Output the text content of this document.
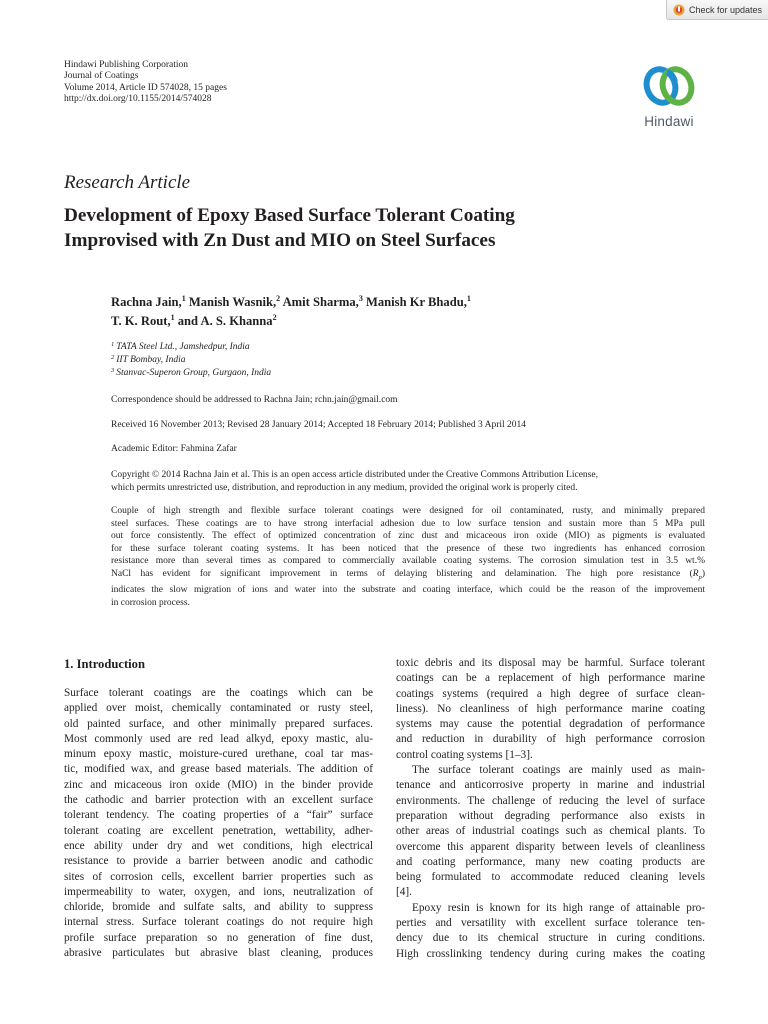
Check for updates
Hindawi Publishing Corporation
Journal of Coatings
Volume 2014, Article ID 574028, 15 pages
http://dx.doi.org/10.1155/2014/574028
Hindawi
Research Article
Development of Epoxy Based Surface Tolerant Coating
Improvised with Zn Dust and MIO on Steel Surfaces
Rachna Jain,$^1$ Manish Wasnik,$^2$ Amit Sharma,$^3$ Manish Kr Bhadu,$^1$
T. K. Rout,$^1$ and A. S. Khanna$^2$
$^1$ TATA Steel Ltd., Jamshedpur, India
$^2$ IIT Bombay, India
$^3$ Stanvac-Superon Group, Gurgaon, India
Correspondence should be addressed to Rachna Jain; rchn.jain@gmail.com
Received 16 November 2013; Revised 28 January 2014; Accepted 18 February 2014; Published 3 April 2014
Academic Editor: Fahmina Zafar
Copyright © 2014 Rachna Jain et al. This is an open access article distributed under the Creative Commons Attribution License,
which permits unrestricted use, distribution, and reproduction in any medium, provided the original work is properly cited.
Couple of high strength and flexible surface tolerant coatings were designed for oil contaminated, rusty, and minimally prepared
steel surfaces. These coatings are to have strong interfacial adhesion due to low surface tension and sustain more than 5 MPa pull
out force consistently. The effect of optimized concentration of zinc dust and micaceous iron oxide (MIO) as pigments is evaluated
for these surface tolerant coating systems. It has been noticed that the presence of these two ingredients has enhanced corrosion
resistance more than several times as compared to commercially available coating systems. The corrosion simulation test in 3.5 wt.%
NaCl has evident for significant improvement in terms of delaying blistering and delamination. The high pore resistance $(R_p)$
indicates the slow migration of ions and water into the substrate and coating interface, which could be the reason of the improvement
in corrosion process.
1. Introduction
Surface tolerant coatings are the coatings which can be
applied over moist, chemically contaminated or rusty steel,
old painted surface, and other minimally prepared surfaces.
Most commonly used are red lead alkyd, epoxy mastic, alu-
minum epoxy mastic, moisture-cured urethane, coal tar mas-
tic, modified wax, and grease based materials. The addition of
zinc and micaceous iron oxide (MIO) in the binder provide
the cathodic and barrier protection with an excellent surface
tolerant tendency. The coating properties of a “fair” surface
tolerant coating are excellent penetration, wettability, adher-
ence ability under dry and wet conditions, high electrical
resistance to provide a barrier between anodic and cathodic
sites of corrosion cells, excellent barrier properties such as
impermeability to water, oxygen, and ions, neutralization of
chloride, bromide and sulfate salts, and ability to suppress
internal stress. Surface tolerant coatings do not require high
profile surface preparation so no generation of fine dust,
abrasive particulates but abrasive blast cleaning, produces
toxic debris and its disposal may be harmful. Surface tolerant
coatings can be a replacement of high performance marine
coatings systems (required a high degree of surface clean-
liness). No cleanliness of high performance marine coating
systems may cause the potential degradation of performance
and reduction in durability of high performance corrosion
control coating systems [1–3].
The surface tolerant coatings are mainly used as main-
tenance and anticorrosive property in marine and industrial
environments. The challenge of reducing the level of surface
preparation without degrading performance also exists in
other areas of industrial coatings such as chemical plants. To
overcome this apparent disparity between levels of cleanliness
and coating performance, many new coating products are
being formulated to accommodate reduced cleaning levels
[4].
Epoxy resin is known for its high range of attainable pro-
perties and versatility with excellent surface tolerance ten-
dency due to its chemical structure in curing conditions.
High crosslinking tendency during curing makes the coating
